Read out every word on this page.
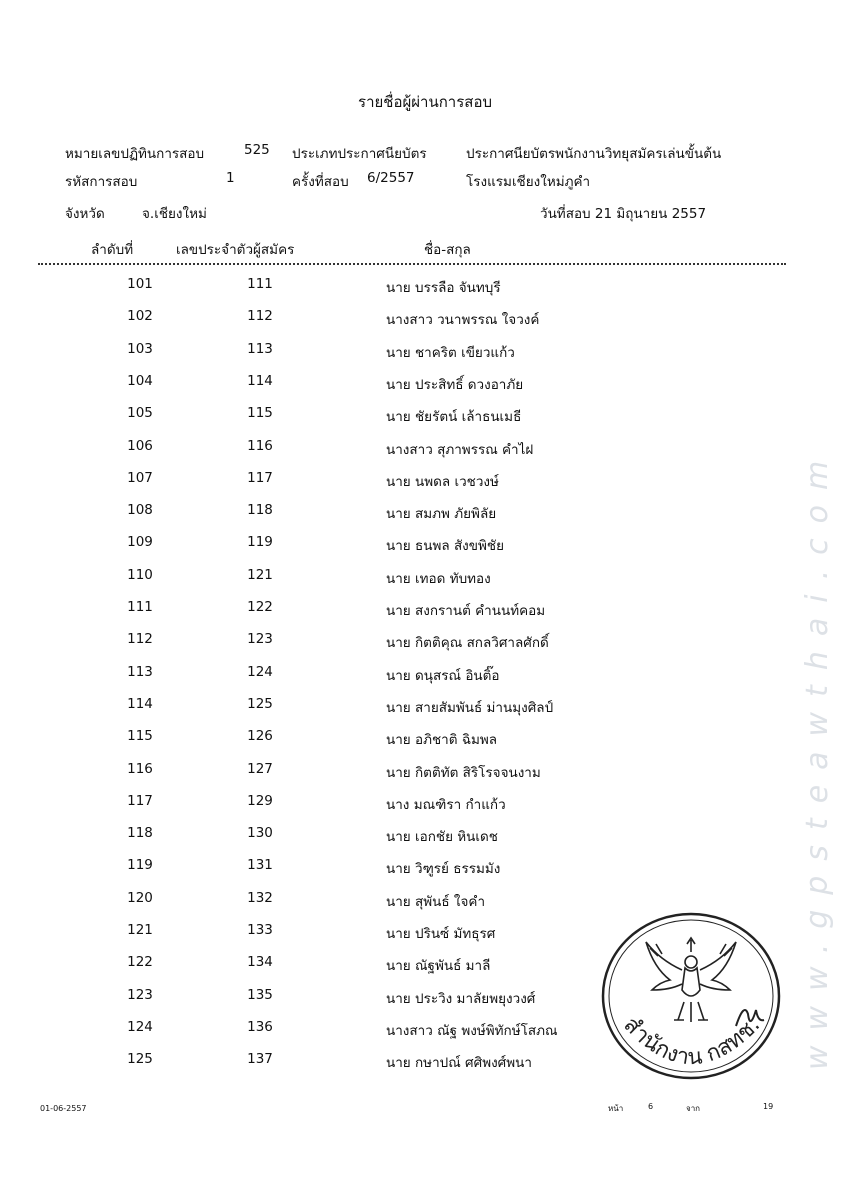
www.gpsteawthai.com
รายชื่อผู้ผ่านการสอบ
หมายเลขปฏิทินการสอบ	525 ประเภทประกาศนียบัตร	ประกาศนียบัตรพนักงานวิทยุสมัครเล่นขั้นต้น
รหัสการสอบ	1	ครั้งที่สอบ 6/2557	โรงแรมเชียงใหม่ภูคำ
จังหวัด	จ.เชียงใหม่	วันที่สอบ 21 มิถุนายน 2557
ลำดับที่	เลขประจำตัวผู้สมัคร	ชื่อ-สกุล
101	111	นาย บรรลือ จันทบุรี
102	112	นางสาว วนาพรรณ ใจวงค์
103	113	นาย ชาคริต เขียวแก้ว
104	114	นาย ประสิทธิ์ ดวงอาภัย
105	115	นาย ชัยรัตน์ เล้าธนเมธี
106	116	นางสาว สุภาพรรณ คำไฝ
107	117	นาย นพดล เวชวงษ์
108	118	นาย สมภพ ภัยพิลัย
109	119	นาย ธนพล สังขพิชัย
110	121	นาย เทอด ทับทอง
111	122	นาย สงกรานต์ คำนนท์คอม
112	123	นาย กิตติคุณ สกลวิศาลศักดิ์
113	124	นาย ดนุสรณ์ อินติ๊อ
114	125	นาย สายสัมพันธ์ ม่านมุงศิลป์
115	126	นาย อภิชาติ ฉิมพล
116	127	นาย กิตติทัต สิริโรจจนงาม
117	129	นาง มณฑิรา กำแก้ว
118	130	นาย เอกชัย หินเดช
119	131	นาย วิฑูรย์ ธรรมมัง
120	132	นาย สุพันธ์ ใจคำ
121	133	นาย ปรินซ์ มัทธุรศ
122	134	นาย ณัฐพันธ์ มาลี
123	135	นาย ประวิง มาลัยพยุงวงศ์
124	136	นางสาว ณัฐ พงษ์พิทักษ์โสภณ
125	137	นาย กษาปณ์ ศศิพงศ์พนา
สำนักงาน กสทช.
01-06-2557	หน้า	6	จาก	19
